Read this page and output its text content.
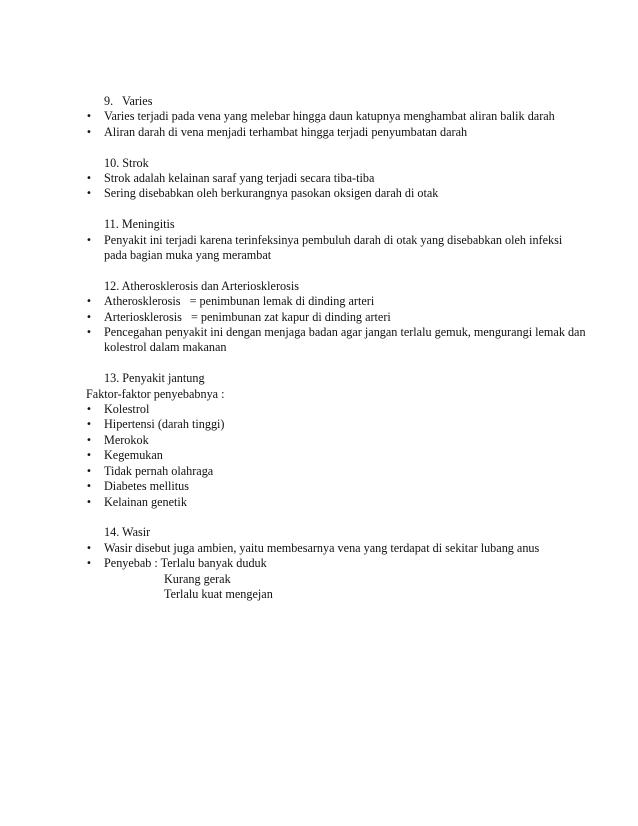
9. Varies
• Varies terjadi pada vena yang melebar hingga daun katupnya menghambat aliran balik darah
• Aliran darah di vena menjadi terhambat hingga terjadi penyumbatan darah
10. Strok
• Strok adalah kelainan saraf yang terjadi secara tiba-tiba
• Sering disebabkan oleh berkurangnya pasokan oksigen darah di otak
11. Meningitis
• Penyakit ini terjadi karena terinfeksinya pembuluh darah di otak yang disebabkan oleh infeksi pada bagian muka yang merambat
12. Atherosklerosis dan Arteriosklerosis
• Atherosklerosis   = penimbunan lemak di dinding arteri
• Arteriosklerosis   = penimbunan zat kapur di dinding arteri
• Pencegahan penyakit ini dengan menjaga badan agar jangan terlalu gemuk, mengurangi lemak dan kolestrol dalam makanan
13. Penyakit jantung
Faktor-faktor penyebabnya :
• Kolestrol
• Hipertensi (darah tinggi)
• Merokok
• Kegemukan
• Tidak pernah olahraga
• Diabetes mellitus
• Kelainan genetik
14. Wasir
• Wasir disebut juga ambien, yaitu membesarnya vena yang terdapat di sekitar lubang anus
• Penyebab : Terlalu banyak duduk
Kurang gerak
Terlalu kuat mengejan
